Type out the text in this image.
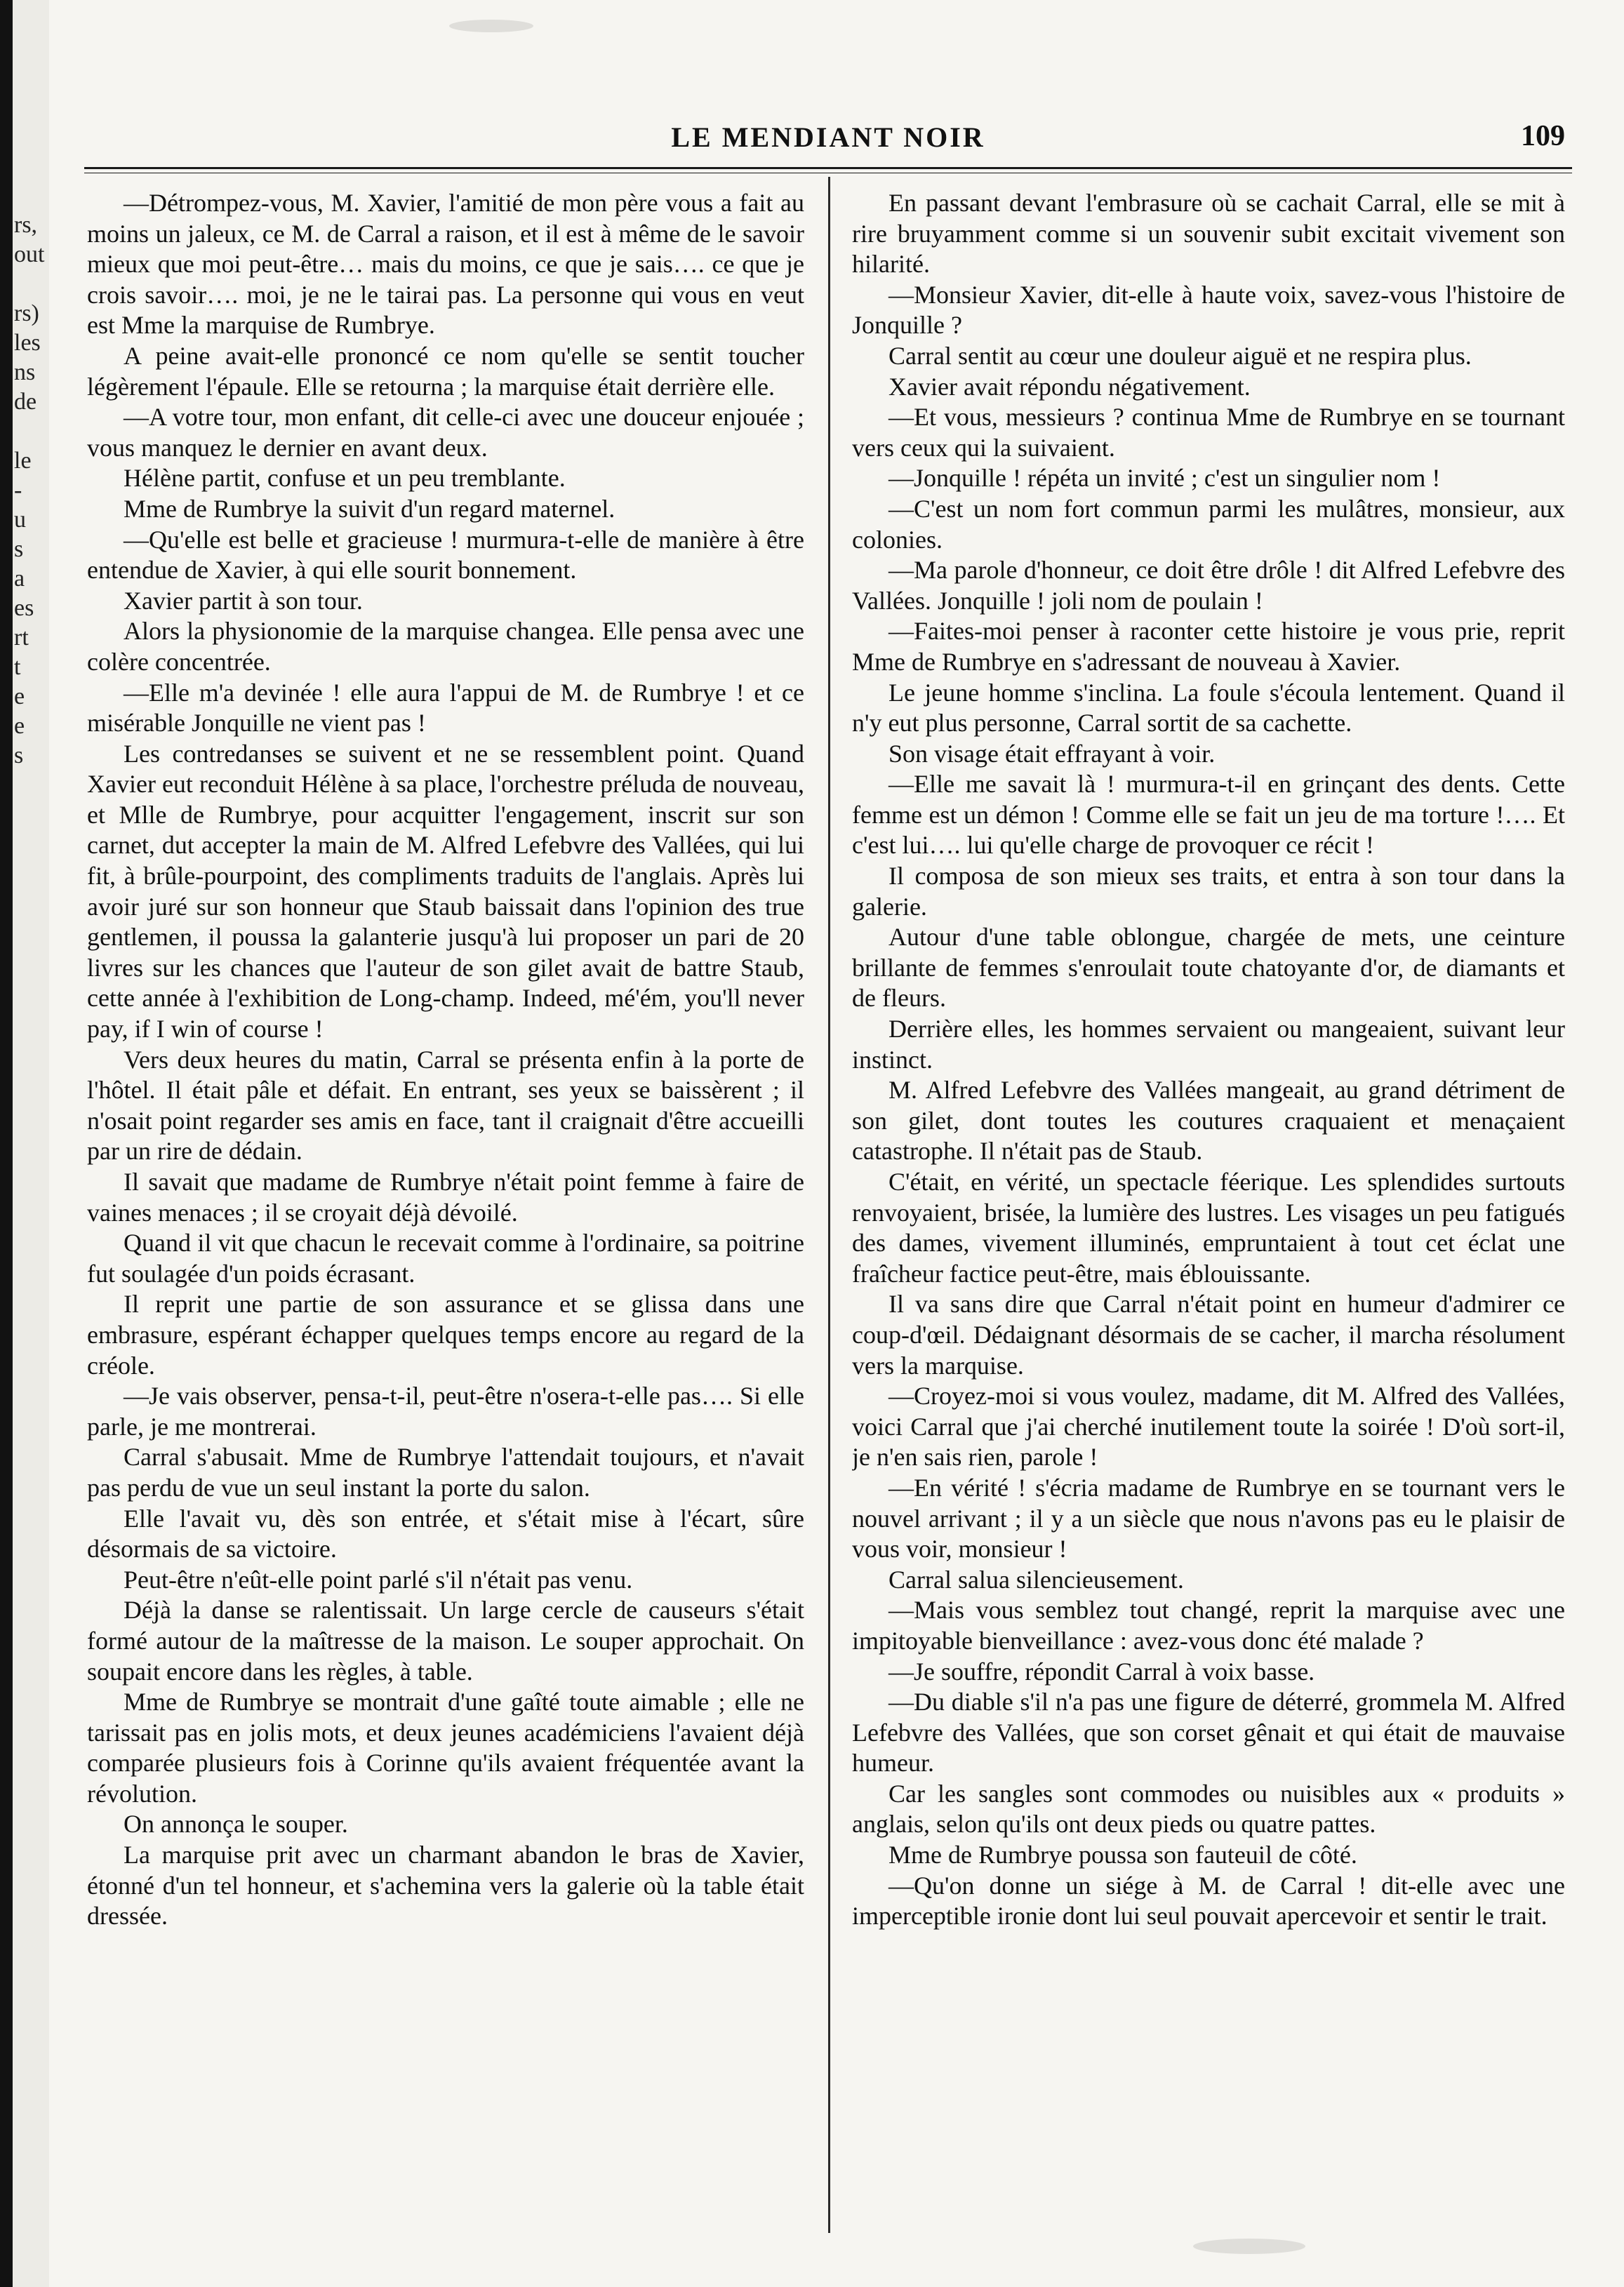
rs,
out
rs)
les
ns
de
le
-
u
s
a
es
rt
t
e
e
s
LE MENDIANT NOIR	109

—Détrompez-vous, M. Xavier, l'amitié de mon père vous a fait au moins un jaleux, ce M. de Carral a raison, et il est à même de le savoir mieux que moi peut-être… mais du moins, ce que je sais…. ce que je crois savoir…. moi, je ne le tairai pas. La personne qui vous en veut est Mme la marquise de Rumbrye.

A peine avait-elle prononcé ce nom qu'elle se sentit toucher légèrement l'épaule. Elle se retourna ; la marquise était derrière elle.

—A votre tour, mon enfant, dit celle-ci avec une douceur enjouée ; vous manquez le dernier en avant deux.

Hélène partit, confuse et un peu tremblante.

Mme de Rumbrye la suivit d'un regard maternel.

—Qu'elle est belle et gracieuse ! murmura-t-elle de manière à être entendue de Xavier, à qui elle sourit bonnement.

Xavier partit à son tour.

Alors la physionomie de la marquise changea. Elle pensa avec une colère concentrée.

—Elle m'a devinée ! elle aura l'appui de M. de Rumbrye ! et ce misérable Jonquille ne vient pas !

Les contredanses se suivent et ne se ressemblent point. Quand Xavier eut reconduit Hélène à sa place, l'orchestre préluda de nouveau, et Mlle de Rumbrye, pour acquitter l'engagement, inscrit sur son carnet, dut accepter la main de M. Alfred Lefebvre des Vallées, qui lui fit, à brûle-pourpoint, des compliments traduits de l'anglais. Après lui avoir juré sur son honneur que Staub baissait dans l'opinion des true gentlemen, il poussa la galanterie jusqu'à lui proposer un pari de 20 livres sur les chances que l'auteur de son gilet avait de battre Staub, cette année à l'exhibition de Long-champ. Indeed, mé'ém, you'll never pay, if I win of course !

Vers deux heures du matin, Carral se présenta enfin à la porte de l'hôtel. Il était pâle et défait. En entrant, ses yeux se baissèrent ; il n'osait point regarder ses amis en face, tant il craignait d'être accueilli par un rire de dédain.

Il savait que madame de Rumbrye n'était point femme à faire de vaines menaces ; il se croyait déjà dévoilé.

Quand il vit que chacun le recevait comme à l'ordinaire, sa poitrine fut soulagée d'un poids écrasant.

Il reprit une partie de son assurance et se glissa dans une embrasure, espérant échapper quelques temps encore au regard de la créole.

—Je vais observer, pensa-t-il, peut-être n'osera-t-elle pas…. Si elle parle, je me montrerai.

Carral s'abusait. Mme de Rumbrye l'attendait toujours, et n'avait pas perdu de vue un seul instant la porte du salon.

Elle l'avait vu, dès son entrée, et s'était mise à l'écart, sûre désormais de sa victoire.

Peut-être n'eût-elle point parlé s'il n'était pas venu.

Déjà la danse se ralentissait. Un large cercle de causeurs s'était formé autour de la maîtresse de la maison. Le souper approchait. On soupait encore dans les règles, à table.

Mme de Rumbrye se montrait d'une gaîté toute aimable ; elle ne tarissait pas en jolis mots, et deux jeunes académiciens l'avaient déjà comparée plusieurs fois à Corinne qu'ils avaient fréquentée avant la révolution.

On annonça le souper.

La marquise prit avec un charmant abandon le bras de Xavier, étonné d'un tel honneur, et s'achemina vers la galerie où la table était dressée.

En passant devant l'embrasure où se cachait Carral, elle se mit à rire bruyamment comme si un souvenir subit excitait vivement son hilarité.

—Monsieur Xavier, dit-elle à haute voix, savez-vous l'histoire de Jonquille ?

Carral sentit au cœur une douleur aiguë et ne respira plus.

Xavier avait répondu négativement.

—Et vous, messieurs ? continua Mme de Rumbrye en se tournant vers ceux qui la suivaient.

—Jonquille ! répéta un invité ; c'est un singulier nom !

—C'est un nom fort commun parmi les mulâtres, monsieur, aux colonies.

—Ma parole d'honneur, ce doit être drôle ! dit Alfred Lefebvre des Vallées. Jonquille ! joli nom de poulain !

—Faites-moi penser à raconter cette histoire je vous prie, reprit Mme de Rumbrye en s'adressant de nouveau à Xavier.

Le jeune homme s'inclina. La foule s'écoula lentement. Quand il n'y eut plus personne, Carral sortit de sa cachette.

Son visage était effrayant à voir.

—Elle me savait là ! murmura-t-il en grinçant des dents. Cette femme est un démon ! Comme elle se fait un jeu de ma torture !…. Et c'est lui…. lui qu'elle charge de provoquer ce récit !

Il composa de son mieux ses traits, et entra à son tour dans la galerie.

Autour d'une table oblongue, chargée de mets, une ceinture brillante de femmes s'enroulait toute chatoyante d'or, de diamants et de fleurs.

Derrière elles, les hommes servaient ou mangeaient, suivant leur instinct.

M. Alfred Lefebvre des Vallées mangeait, au grand détriment de son gilet, dont toutes les coutures craquaient et menaçaient catastrophe. Il n'était pas de Staub.

C'était, en vérité, un spectacle féerique. Les splendides surtouts renvoyaient, brisée, la lumière des lustres. Les visages un peu fatigués des dames, vivement illuminés, empruntaient à tout cet éclat une fraîcheur factice peut-être, mais éblouissante.

Il va sans dire que Carral n'était point en humeur d'admirer ce coup-d'œil. Dédaignant désormais de se cacher, il marcha résolument vers la marquise.

—Croyez-moi si vous voulez, madame, dit M. Alfred des Vallées, voici Carral que j'ai cherché inutilement toute la soirée ! D'où sort-il, je n'en sais rien, parole !

—En vérité ! s'écria madame de Rumbrye en se tournant vers le nouvel arrivant ; il y a un siècle que nous n'avons pas eu le plaisir de vous voir, monsieur !

Carral salua silencieusement.

—Mais vous semblez tout changé, reprit la marquise avec une impitoyable bienveillance : avez-vous donc été malade ?

—Je souffre, répondit Carral à voix basse.

—Du diable s'il n'a pas une figure de déterré, grommela M. Alfred Lefebvre des Vallées, que son corset gênait et qui était de mauvaise humeur.

Car les sangles sont commodes ou nuisibles aux « produits » anglais, selon qu'ils ont deux pieds ou quatre pattes.

Mme de Rumbrye poussa son fauteuil de côté.

—Qu'on donne un siége à M. de Carral ! dit-elle avec une imperceptible ironie dont lui seul pouvait apercevoir et sentir le trait.
